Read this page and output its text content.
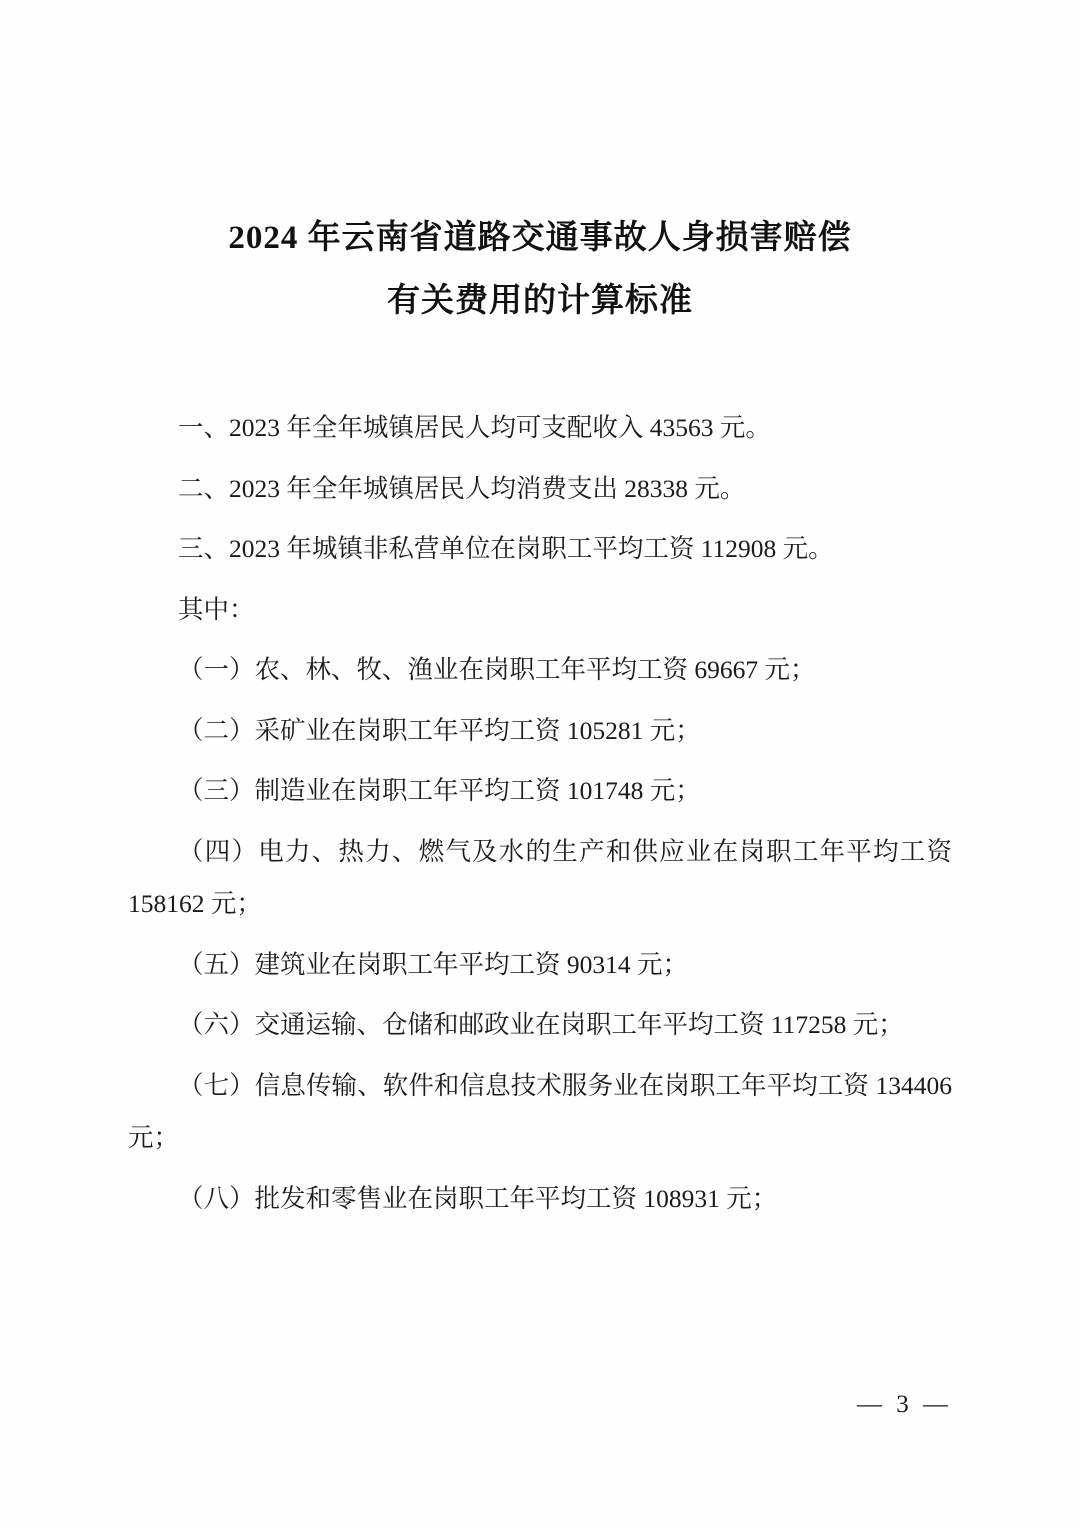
2024 年云南省道路交通事故人身损害赔偿
有关费用的计算标准

一、2023 年全年城镇居民人均可支配收入 43563 元。

二、2023 年全年城镇居民人均消费支出 28338 元。

三、2023 年城镇非私营单位在岗职工平均工资 112908 元。

其中：

（一）农、林、牧、渔业在岗职工年平均工资 69667 元；

（二）采矿业在岗职工年平均工资 105281 元；

（三）制造业在岗职工年平均工资 101748 元；

（四）电力、热力、燃气及水的生产和供应业在岗职工年平均工资 158162 元；

（五）建筑业在岗职工年平均工资 90314 元；

（六）交通运输、仓储和邮政业在岗职工年平均工资 117258 元；

（七）信息传输、软件和信息技术服务业在岗职工年平均工资 134406 元；

（八）批发和零售业在岗职工年平均工资 108931 元；

— 3 —
